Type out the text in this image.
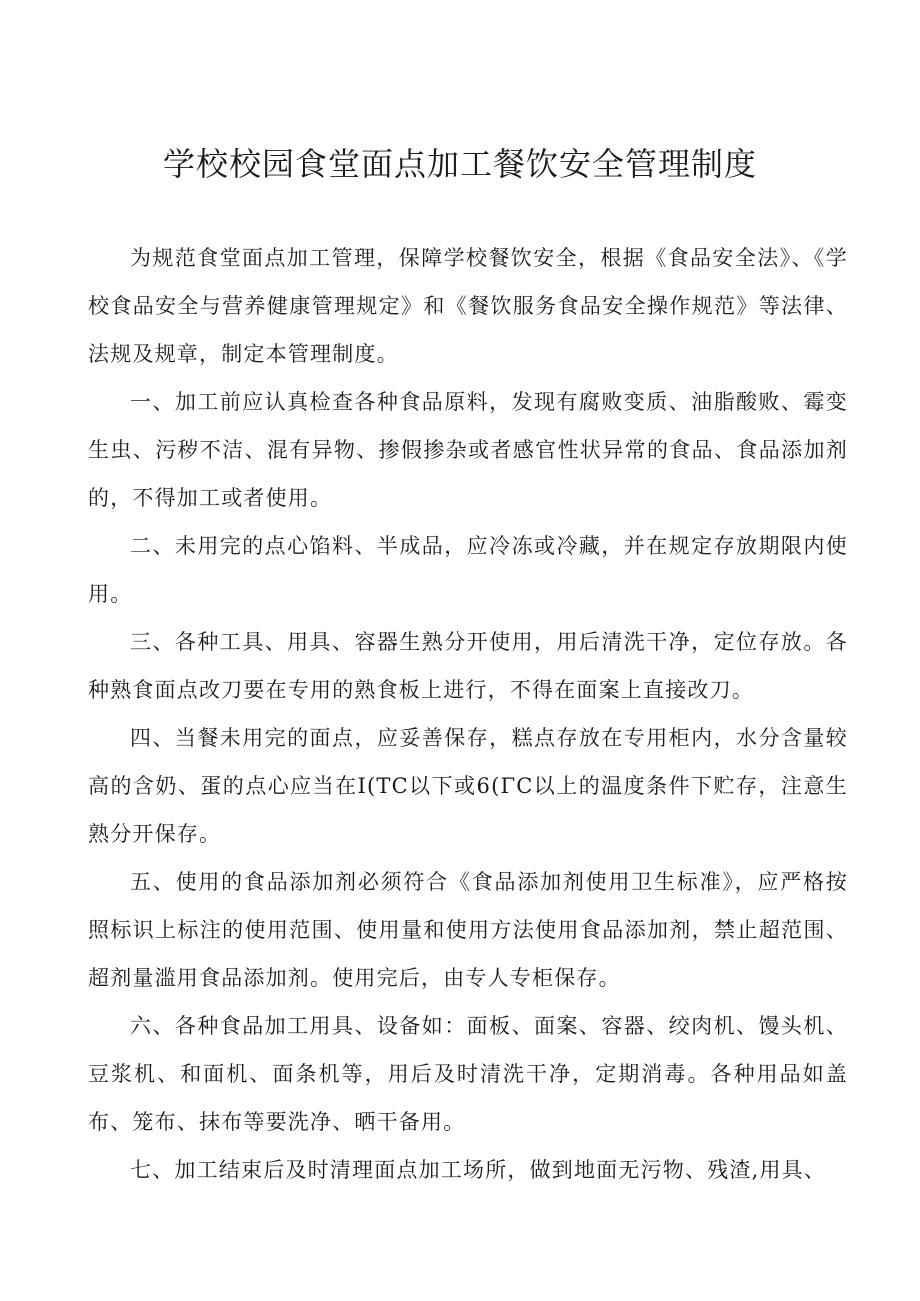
学校校园食堂面点加工餐饮安全管理制度

为规范食堂面点加工管理，保障学校餐饮安全，根据《食品安全法》、《学校食品安全与营养健康管理规定》和《餐饮服务食品安全操作规范》等法律、法规及规章，制定本管理制度。

一、加工前应认真检查各种食品原料，发现有腐败变质、油脂酸败、霉变生虫、污秽不洁、混有异物、掺假掺杂或者感官性状异常的食品、食品添加剂的，不得加工或者使用。

二、未用完的点心馅料、半成品，应冷冻或冷藏，并在规定存放期限内使用。

三、各种工具、用具、容器生熟分开使用，用后清洗干净，定位存放。各种熟食面点改刀要在专用的熟食板上进行，不得在面案上直接改刀。

四、当餐未用完的面点，应妥善保存，糕点存放在专用柜内，水分含量较高的含奶、蛋的点心应当在I(TC以下或6(ΓC以上的温度条件下贮存，注意生熟分开保存。

五、使用的食品添加剂必须符合《食品添加剂使用卫生标准》，应严格按照标识上标注的使用范围、使用量和使用方法使用食品添加剂，禁止超范围、超剂量滥用食品添加剂。使用完后，由专人专柜保存。

六、各种食品加工用具、设备如：面板、面案、容器、绞肉机、馒头机、豆浆机、和面机、面条机等，用后及时清洗干净，定期消毒。各种用品如盖布、笼布、抹布等要洗净、晒干备用。

七、加工结束后及时清理面点加工场所，做到地面无污物、残渣,用具、
